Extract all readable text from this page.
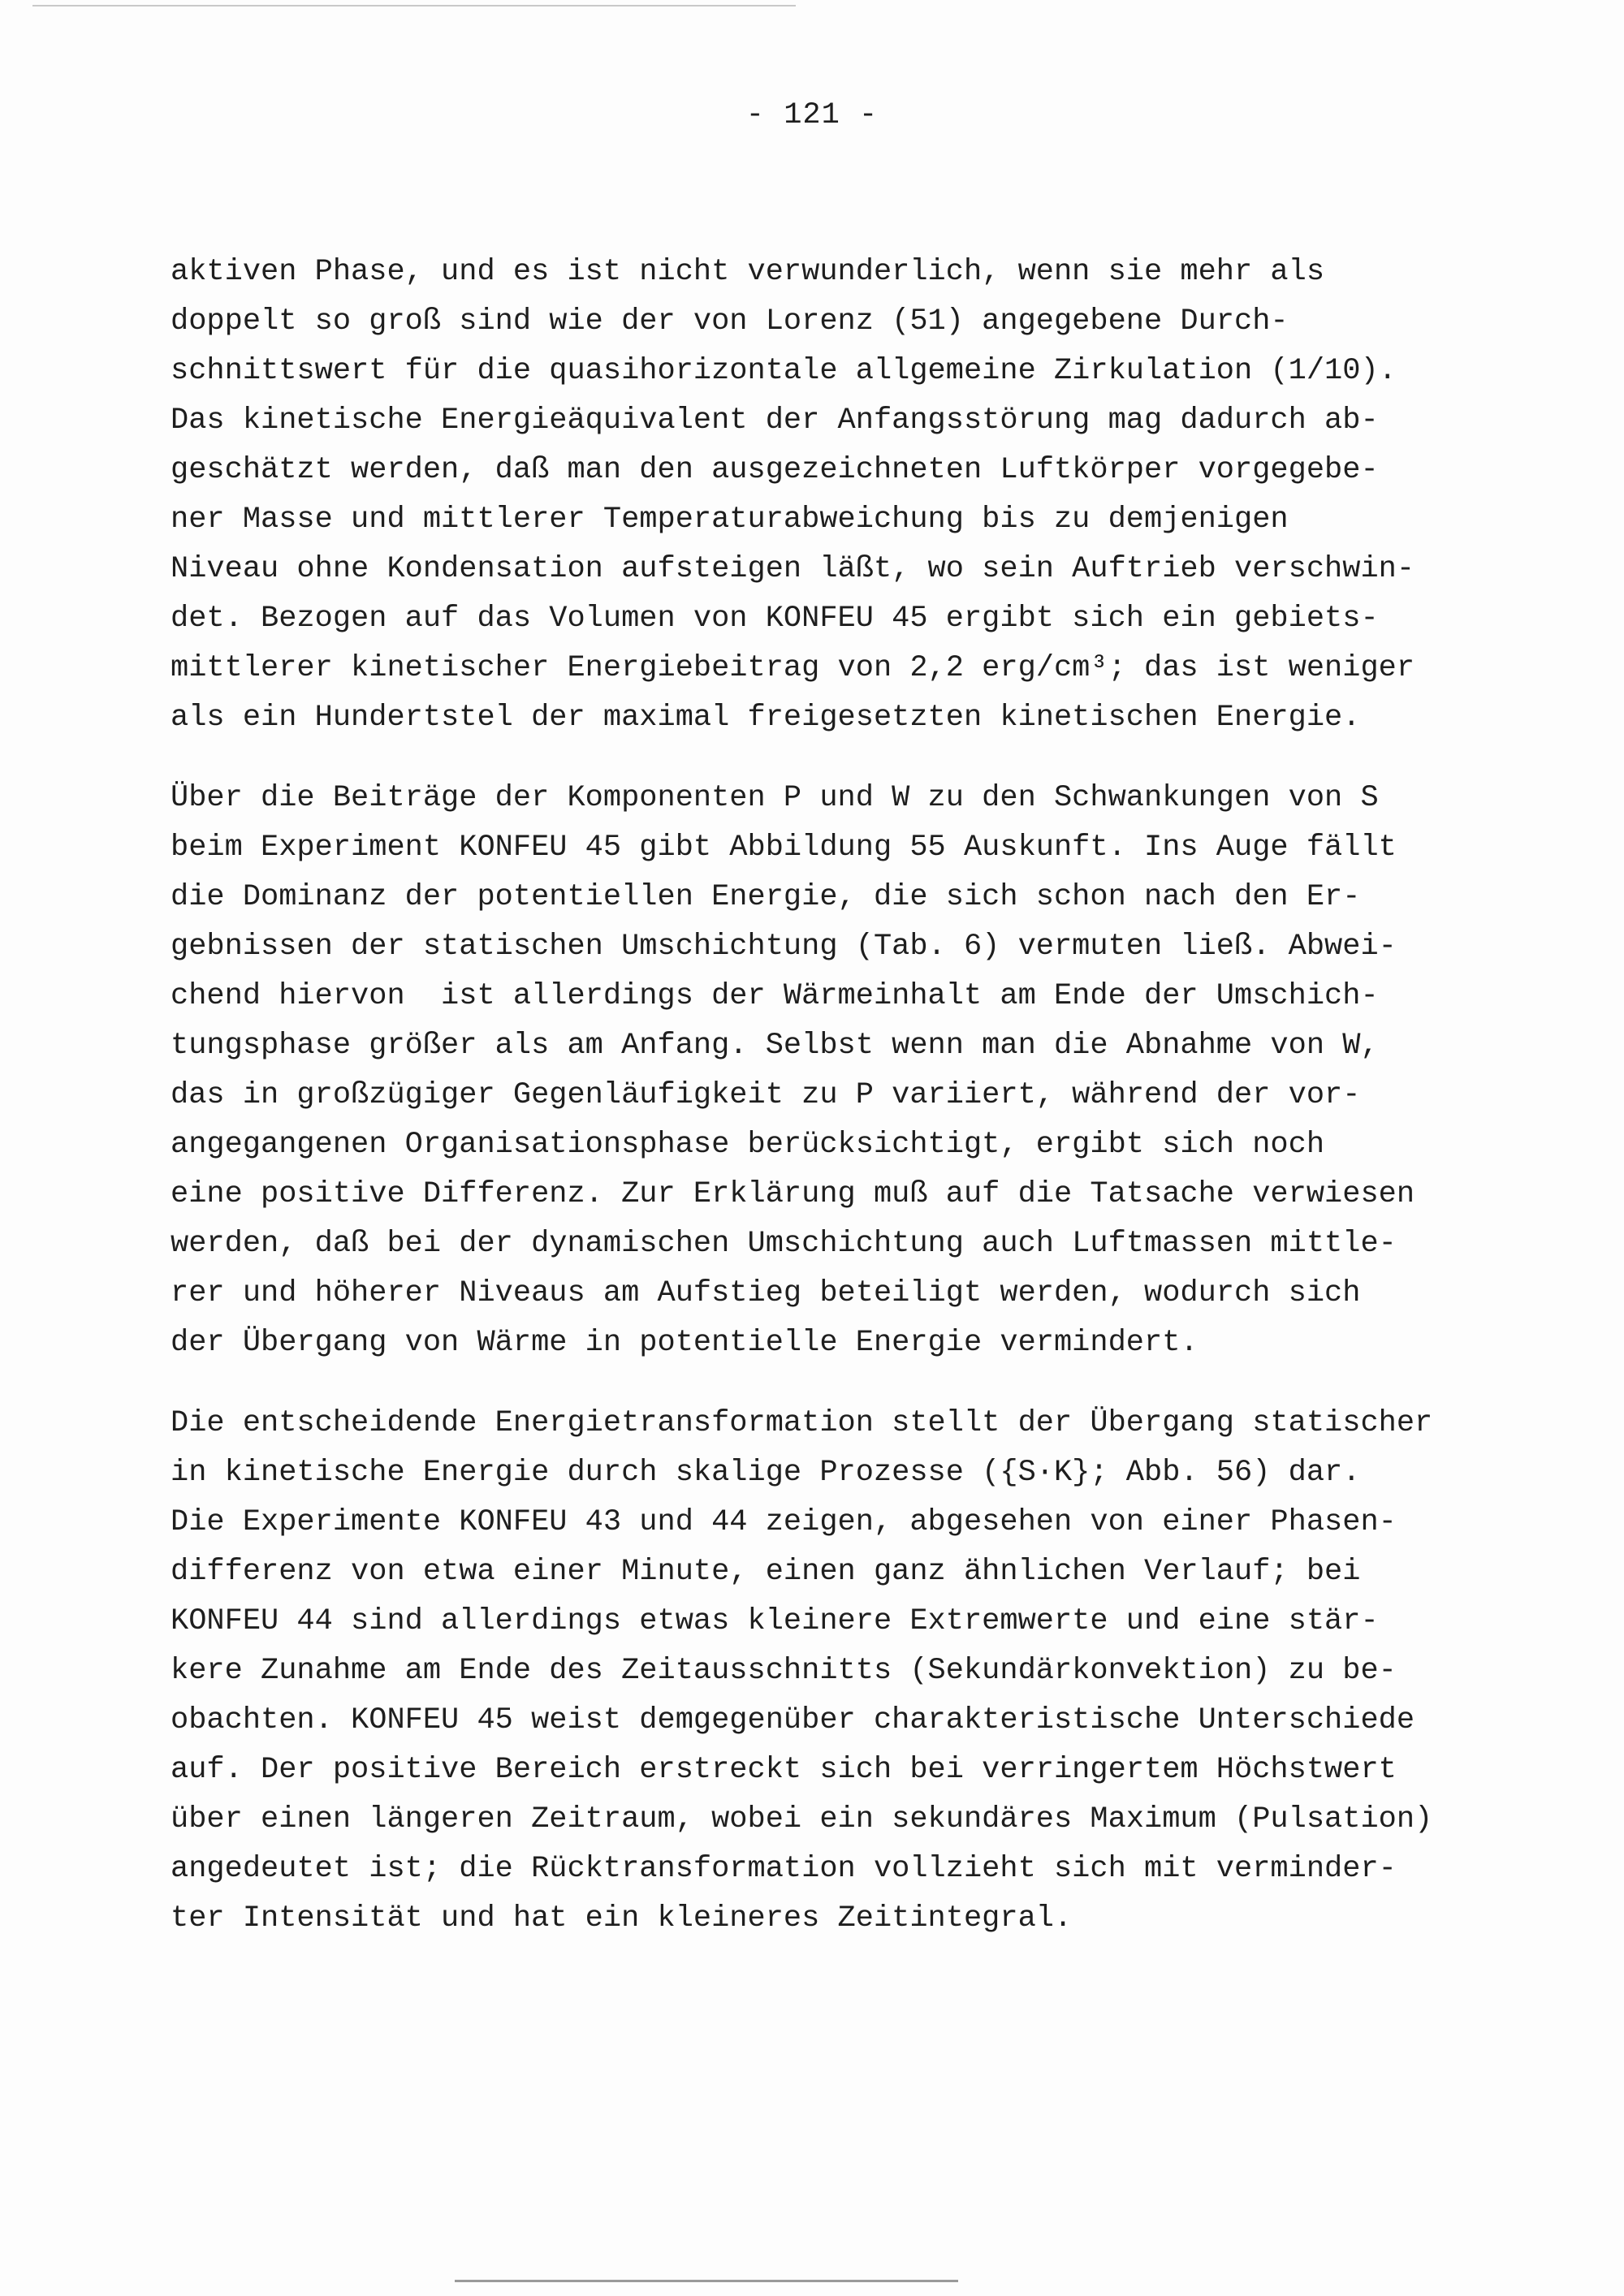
- 121 -
aktiven Phase, und es ist nicht verwunderlich, wenn sie mehr als
doppelt so groß sind wie der von Lorenz (51) angegebene Durch-
schnittswert für die quasihorizontale allgemeine Zirkulation (1/10).
Das kinetische Energieäquivalent der Anfangsstörung mag dadurch ab-
geschätzt werden, daß man den ausgezeichneten Luftkörper vorgegebe-
ner Masse und mittlerer Temperaturabweichung bis zu demjenigen
Niveau ohne Kondensation aufsteigen läßt, wo sein Auftrieb verschwin-
det. Bezogen auf das Volumen von KONFEU 45 ergibt sich ein gebiets-
mittlerer kinetischer Energiebeitrag von 2,2 erg/cm³; das ist weniger
als ein Hundertstel der maximal freigesetzten kinetischen Energie.
Über die Beiträge der Komponenten P und W zu den Schwankungen von S
beim Experiment KONFEU 45 gibt Abbildung 55 Auskunft. Ins Auge fällt
die Dominanz der potentiellen Energie, die sich schon nach den Er-
gebnissen der statischen Umschichtung (Tab. 6) vermuten ließ. Abwei-
chend hiervon  ist allerdings der Wärmeinhalt am Ende der Umschich-
tungsphase größer als am Anfang. Selbst wenn man die Abnahme von W,
das in großzügiger Gegenläufigkeit zu P variiert, während der vor-
angegangenen Organisationsphase berücksichtigt, ergibt sich noch
eine positive Differenz. Zur Erklärung muß auf die Tatsache verwiesen
werden, daß bei der dynamischen Umschichtung auch Luftmassen mittle-
rer und höherer Niveaus am Aufstieg beteiligt werden, wodurch sich
der Übergang von Wärme in potentielle Energie vermindert.
Die entscheidende Energietransformation stellt der Übergang statischer
in kinetische Energie durch skalige Prozesse ({S·K}; Abb. 56) dar.
Die Experimente KONFEU 43 und 44 zeigen, abgesehen von einer Phasen-
differenz von etwa einer Minute, einen ganz ähnlichen Verlauf; bei
KONFEU 44 sind allerdings etwas kleinere Extremwerte und eine stär-
kere Zunahme am Ende des Zeitausschnitts (Sekundärkonvektion) zu be-
obachten. KONFEU 45 weist demgegenüber charakteristische Unterschiede
auf. Der positive Bereich erstreckt sich bei verringertem Höchstwert
über einen längeren Zeitraum, wobei ein sekundäres Maximum (Pulsation)
angedeutet ist; die Rücktransformation vollzieht sich mit verminder-
ter Intensität und hat ein kleineres Zeitintegral.
